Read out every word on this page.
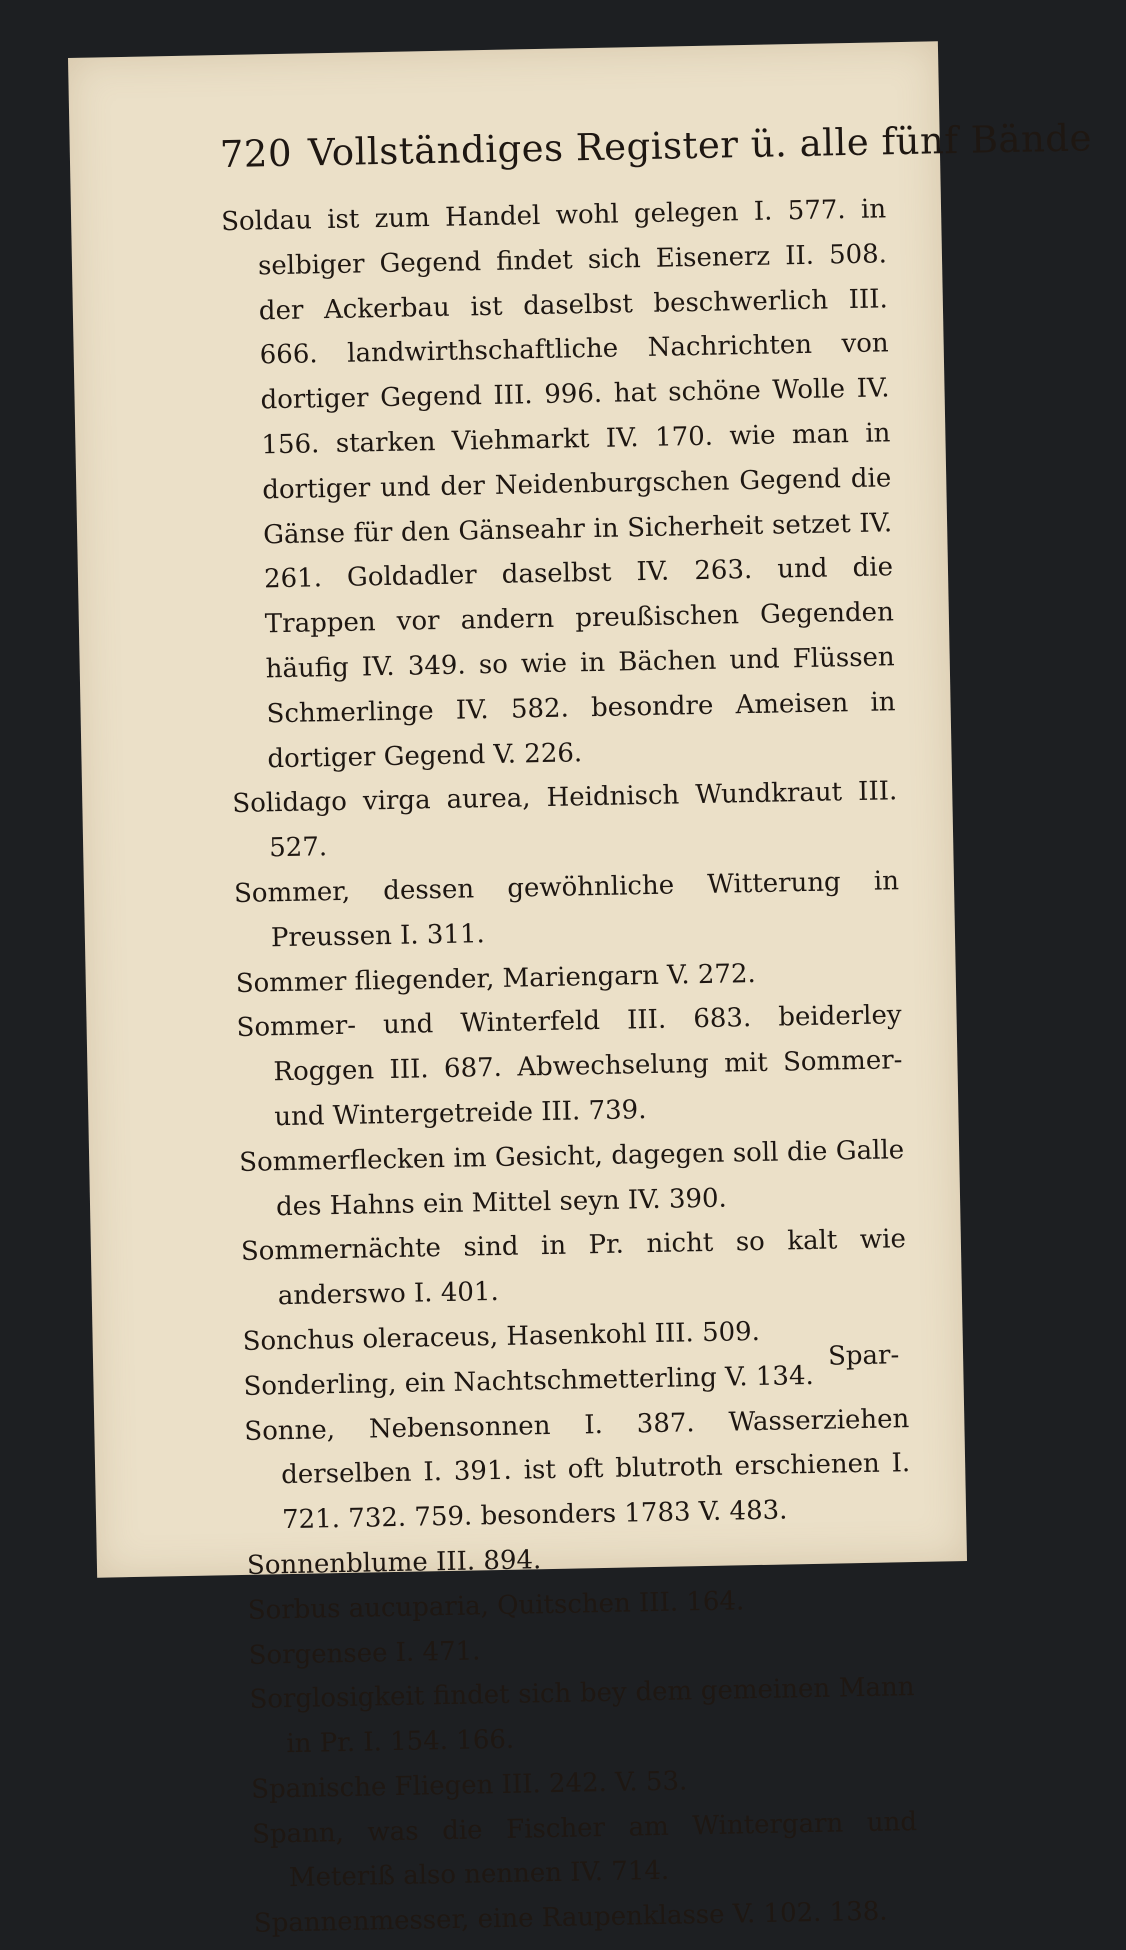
720 Vollständiges Register ü. alle fünf Bände

Soldau ist zum Handel wohl gelegen I. 577. in selbiger Gegend findet sich Eisenerz II. 508. der Ackerbau ist daselbst beschwerlich III. 666. landwirthschaftliche Nachrichten von dortiger Gegend III. 996. hat schöne Wolle IV. 156. starken Viehmarkt IV. 170. wie man in dortiger und der Neidenburgschen Gegend die Gänse für den Gänseahr in Sicherheit setzet IV. 261. Goldadler daselbst IV. 263. und die Trappen vor andern preußischen Gegenden häufig IV. 349. so wie in Bächen und Flüssen Schmerlinge IV. 582. besondre Ameisen in dortiger Gegend V. 226.

Solidago virga aurea, Heidnisch Wundkraut III. 527.

Sommer, dessen gewöhnliche Witterung in Preussen I. 311.

Sommer fliegender, Mariengarn V. 272.

Sommer- und Winterfeld III. 683. beiderley Roggen III. 687. Abwechselung mit Sommer- und Wintergetreide III. 739.

Sommerflecken im Gesicht, dagegen soll die Galle des Hahns ein Mittel seyn IV. 390.

Sommernächte sind in Pr. nicht so kalt wie anderswo I. 401.

Sonchus oleraceus, Hasenkohl III. 509.

Sonderling, ein Nachtschmetterling V. 134.

Sonne, Nebensonnen I. 387. Wasserziehen derselben I. 391. ist oft blutroth erschienen I. 721. 732. 759. besonders 1783 V. 483.

Sonnenblume III. 894.

Sorbus aucuparia, Quitschen III. 164.

Sorgensee I. 471.

Sorglosigkeit findet sich bey dem gemeinen Mann in Pr. I. 154. 166.

Spanische Fliegen III. 242. V. 53.

Spann, was die Fischer am Wintergarn und Meteriß also nennen IV. 714.

Spannenmesser, eine Raupenklasse V. 102. 138.

Spar-
